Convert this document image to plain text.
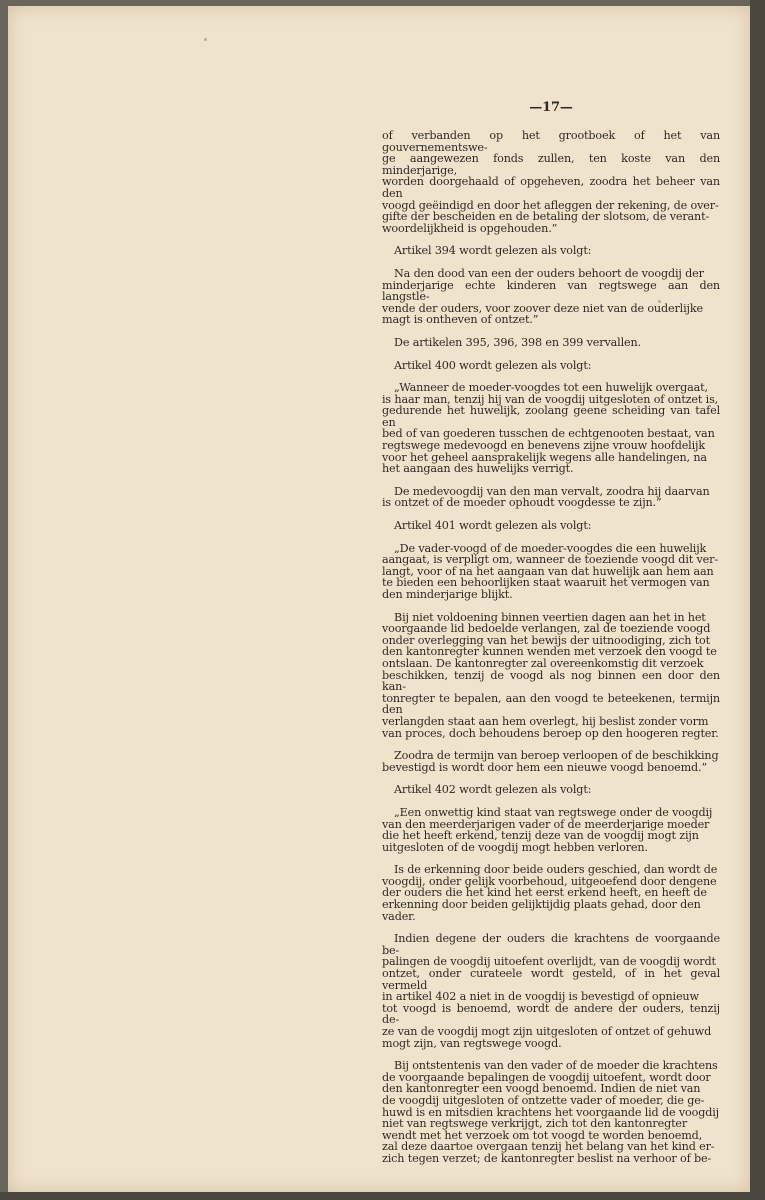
—17—

of verbanden op het grootboek of het van gouvernementswe-
ge aangewezen fonds zullen, ten koste van den minderjarige,
worden doorgehaald of opgeheven, zoodra het beheer van den
voogd geëindigd en door het afleggen der rekening, de over-
gifte der bescheiden en de betaling der slotsom, de verant-
woordelijkheid is opgehouden.”

Artikel 394 wordt gelezen als volgt:

Na den dood van een der ouders behoort de voogdij der
minderjarige echte kinderen van regtswege aan den langstle-
vende der ouders, voor zoover deze niet van de ouderlijke
magt is ontheven of ontzet.”

De artikelen 395, 396, 398 en 399 vervallen.

Artikel 400 wordt gelezen als volgt:

„Wanneer de moeder-voogdes tot een huwelijk overgaat,
is haar man, tenzij hij van de voogdij uitgesloten of ontzet is,
gedurende het huwelijk, zoolang geene scheiding van tafel en
bed of van goederen tusschen de echtgenooten bestaat, van
regtswege medevoogd en benevens zijne vrouw hoofdelijk
voor het geheel aansprakelijk wegens alle handelingen, na
het aangaan des huwelijks verrigt.

De medevoogdij van den man vervalt, zoodra hij daarvan
is ontzet of de moeder ophoudt voogdesse te zijn.”

Artikel 401 wordt gelezen als volgt:

„De vader-voogd of de moeder-voogdes die een huwelijk
aangaat, is verpligt om, wanneer de toeziende voogd dit ver-
langt, voor of na het aangaan van dat huwelijk aan hem aan
te bieden een behoorlijken staat waaruit het vermogen van
den minderjarige blijkt.

Bij niet voldoening binnen veertien dagen aan het in het
voorgaande lid bedoelde verlangen, zal de toeziende voogd
onder overlegging van het bewijs der uitnoodiging, zich tot
den kantonregter kunnen wenden met verzoek den voogd te
ontslaan. De kantonregter zal overeenkomstig dit verzoek
beschikken, tenzij de voogd als nog binnen een door den kan-
tonregter te bepalen, aan den voogd te beteekenen, termijn den
verlangden staat aan hem overlegt, hij beslist zonder vorm
van proces, doch behoudens beroep op den hoogeren regter.

Zoodra de termijn van beroep verloopen of de beschikking
bevestigd is wordt door hem een nieuwe voogd benoemd.”

Artikel 402 wordt gelezen als volgt:

„Een onwettig kind staat van regtswege onder de voogdij
van den meerderjarigen vader of de meerderjarige moeder
die het heeft erkend, tenzij deze van de voogdij mogt zijn
uitgesloten of de voogdij mogt hebben verloren.

Is de erkenning door beide ouders geschied, dan wordt de
voogdij, onder gelijk voorbehoud, uitgeoefend door dengene
der ouders die het kind het eerst erkend heeft, en heeft de
erkenning door beiden gelijktijdig plaats gehad, door den
vader.

Indien degene der ouders die krachtens de voorgaande be-
palingen de voogdij uitoefent overlijdt, van de voogdij wordt
ontzet, onder curateele wordt gesteld, of in het geval vermeld
in artikel 402 a niet in de voogdij is bevestigd of opnieuw
tot voogd is benoemd, wordt de andere der ouders, tenzij de-
ze van de voogdij mogt zijn uitgesloten of ontzet of gehuwd
mogt zijn, van regtswege voogd.

Bij ontstentenis van den vader of de moeder die krachtens
de voorgaande bepalingen de voogdij uitoefent, wordt door
den kantonregter een voogd benoemd. Indien de niet van
de voogdij uitgesloten of ontzette vader of moeder, die ge-
huwd is en mitsdien krachtens het voorgaande lid de voogdij
niet van regtswege verkrijgt, zich tot den kantonregter
wendt met het verzoek om tot voogd te worden benoemd,
zal deze daartoe overgaan tenzij het belang van het kind er-
zich tegen verzet; de kantonregter beslist na verhoor of be-
